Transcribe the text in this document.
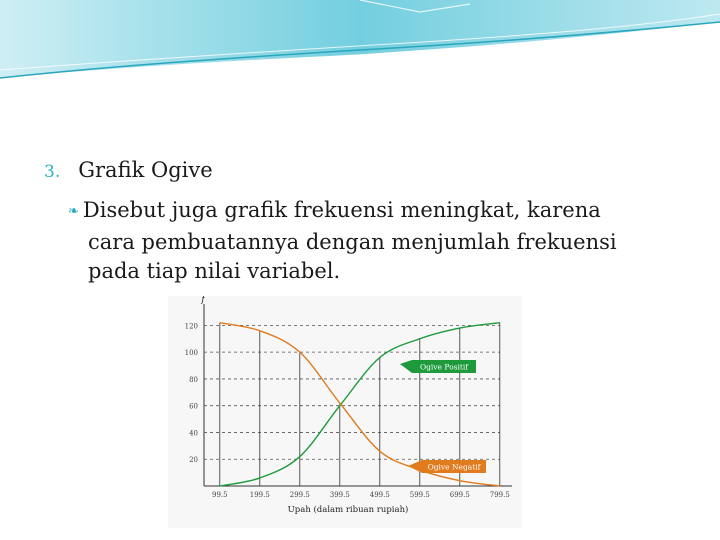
3. Grafik Ogive
❧ Disebut juga grafik frekuensi meningkat, karena
cara pembuatannya dengan menjumlah frekuensi
pada tiap nilai variabel.
20
40
60
80
100
120
99.5	199.5	299.5	399.5	499.5	599.5	699.5	799.5
Ogive Positif
Ogive Negatif
f
Upah (dalam ribuan rupiah)
